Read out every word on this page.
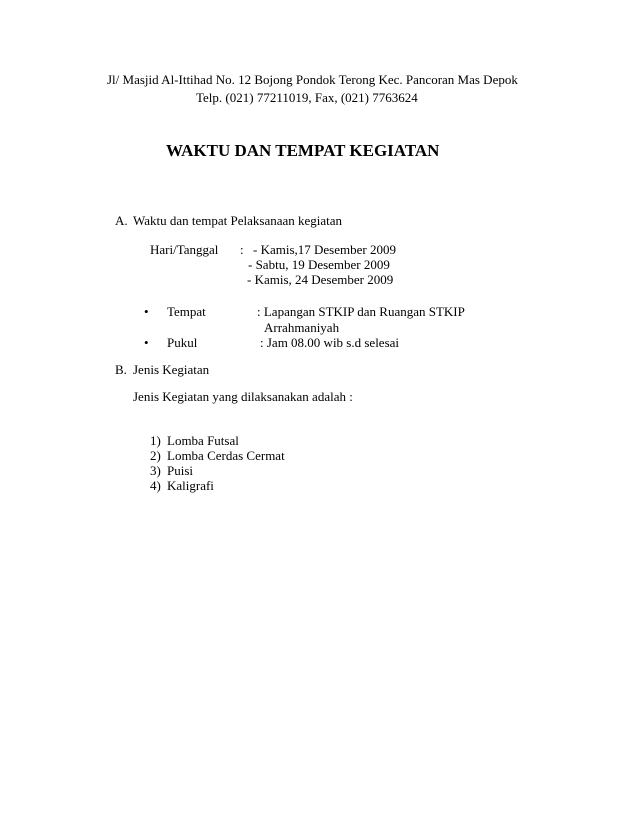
Jl/ Masjid Al-Ittihad No. 12 Bojong Pondok Terong Kec. Pancoran Mas Depok
Telp. (021) 77211019, Fax, (021) 7763624
WAKTU DAN TEMPAT KEGIATAN
A. Waktu dan tempat Pelaksanaan kegiatan
Hari/Tanggal : - Kamis,17 Desember 2009
- Sabtu, 19 Desember 2009
- Kamis, 24 Desember 2009
• Tempat	: Lapangan STKIP dan Ruangan STKIP
Arrahmaniyah
• Pukul	: Jam 08.00 wib s.d selesai
B. Jenis Kegiatan
Jenis Kegiatan yang dilaksanakan adalah :
1) Lomba Futsal
2) Lomba Cerdas Cermat
3) Puisi
4) Kaligrafi
